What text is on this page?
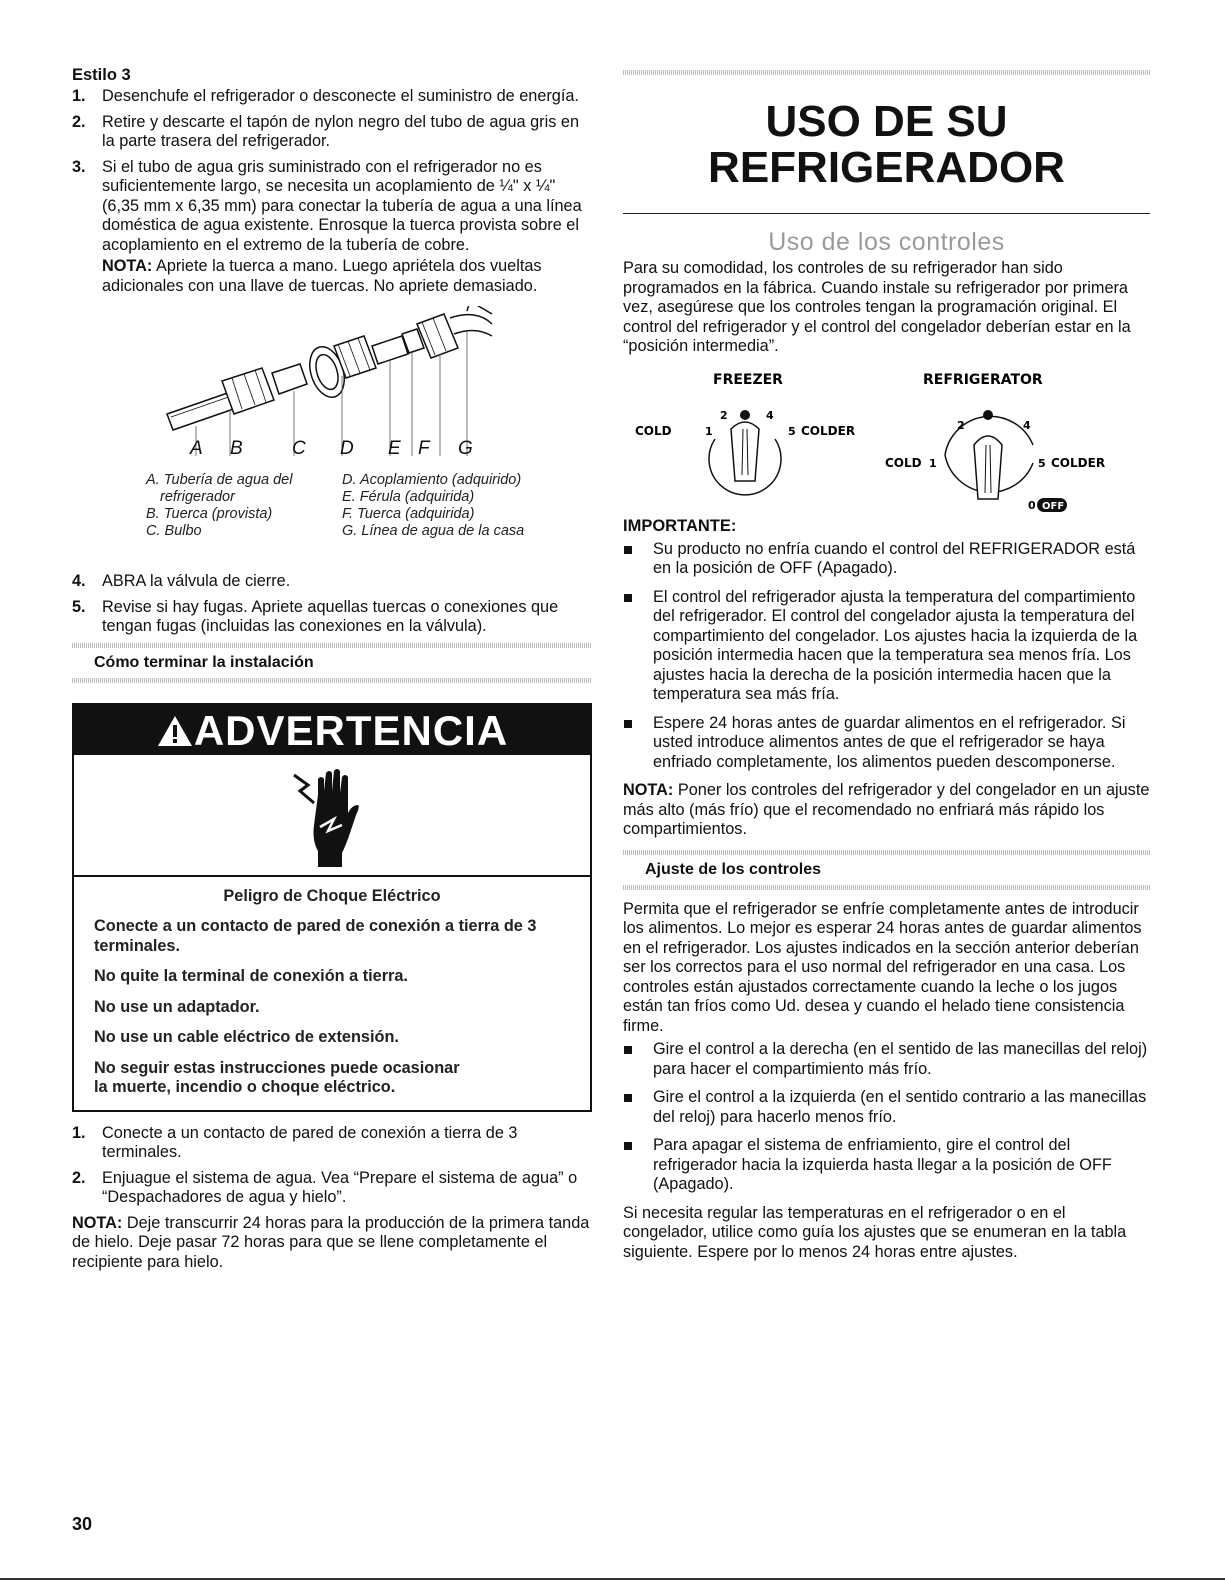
Estilo 3
1. Desenchufe el refrigerador o desconecte el suministro de energía.
2. Retire y descarte el tapón de nylon negro del tubo de agua gris en la parte trasera del refrigerador.
3. Si el tubo de agua gris suministrado con el refrigerador no es suficientemente largo, se necesita un acoplamiento de ¼" x ¼" (6,35 mm x 6,35 mm) para conectar la tubería de agua a una línea doméstica de agua existente. Enrosque la tuerca provista sobre el acoplamiento en el extremo de la tubería de cobre.

NOTA: Apriete la tuerca a mano. Luego apriétela dos vueltas adicionales con una llave de tuercas. No apriete demasiado.

A B	C D E F G

A. Tubería de agua del

refrigerador

B. Tuerca (provista)

C. Bulbo

D. Acoplamiento (adquirido)

E. Férula (adquirida)

F. Tuerca (adquirida)

G. Línea de agua de la casa

4. ABRA la válvula de cierre.
5. Revise si hay fugas. Apriete aquellas tuercas o conexiones que tengan fugas (incluidas las conexiones en la válvula).
Cómo terminar la instalación
ADVERTENCIA

Peligro de Choque Eléctrico

Conecte a un contacto de pared de conexión a tierra de 3 terminales.

No quite la terminal de conexión a tierra.

No use un adaptador.

No use un cable eléctrico de extensión.

No seguir estas instrucciones puede ocasionar
la muerte, incendio o choque eléctrico.

1. Conecte a un contacto de pared de conexión a tierra de 3 terminales.
2. Enjuague el sistema de agua. Vea “Prepare el sistema de agua” o “Despachadores de agua y hielo”.

NOTA: Deje transcurrir 24 horas para la producción de la primera tanda de hielo. Deje pasar 72 horas para que se llene completamente el recipiente para hielo.

USO DE SU
REFRIGERADOR
Uso de los controles

Para su comodidad, los controles de su refrigerador han sido programados en la fábrica. Cuando instale su refrigerador por primera vez, asegúrese que los controles tengan la programación original. El control del refrigerador y el control del congelador deberían estar en la “posición intermedia”.

FREEZER	REFRIGERATOR
2	4
COLD	1	5 COLDER	2	4
COLD 1	5 COLDER
0 OFF
IMPORTANTE:
Su producto no enfría cuando el control del REFRIGERADOR está en la posición de OFF (Apagado).
El control del refrigerador ajusta la temperatura del compartimiento del refrigerador. El control del congelador ajusta la temperatura del compartimiento del congelador. Los ajustes hacia la izquierda de la posición intermedia hacen que la temperatura sea menos fría. Los ajustes hacia la derecha de la posición intermedia hacen que la temperatura sea más fría.
Espere 24 horas antes de guardar alimentos en el refrigerador. Si usted introduce alimentos antes de que el refrigerador se haya enfriado completamente, los alimentos pueden descomponerse.

NOTA: Poner los controles del refrigerador y del congelador en un ajuste más alto (más frío) que el recomendado no enfriará más rápido los compartimientos.

Ajuste de los controles

Permita que el refrigerador se enfríe completamente antes de introducir los alimentos. Lo mejor es esperar 24 horas antes de guardar alimentos en el refrigerador. Los ajustes indicados en la sección anterior deberían ser los correctos para el uso normal del refrigerador en una casa. Los controles están ajustados correctamente cuando la leche o los jugos están tan fríos como Ud. desea y cuando el helado tiene consistencia firme.

Gire el control a la derecha (en el sentido de las manecillas del reloj) para hacer el compartimiento más frío.
Gire el control a la izquierda (en el sentido contrario a las manecillas del reloj) para hacerlo menos frío.
Para apagar el sistema de enfriamiento, gire el control del refrigerador hacia la izquierda hasta llegar a la posición de OFF (Apagado).

Si necesita regular las temperaturas en el refrigerador o en el congelador, utilice como guía los ajustes que se enumeran en la tabla siguiente. Espere por lo menos 24 horas entre ajustes.

30
